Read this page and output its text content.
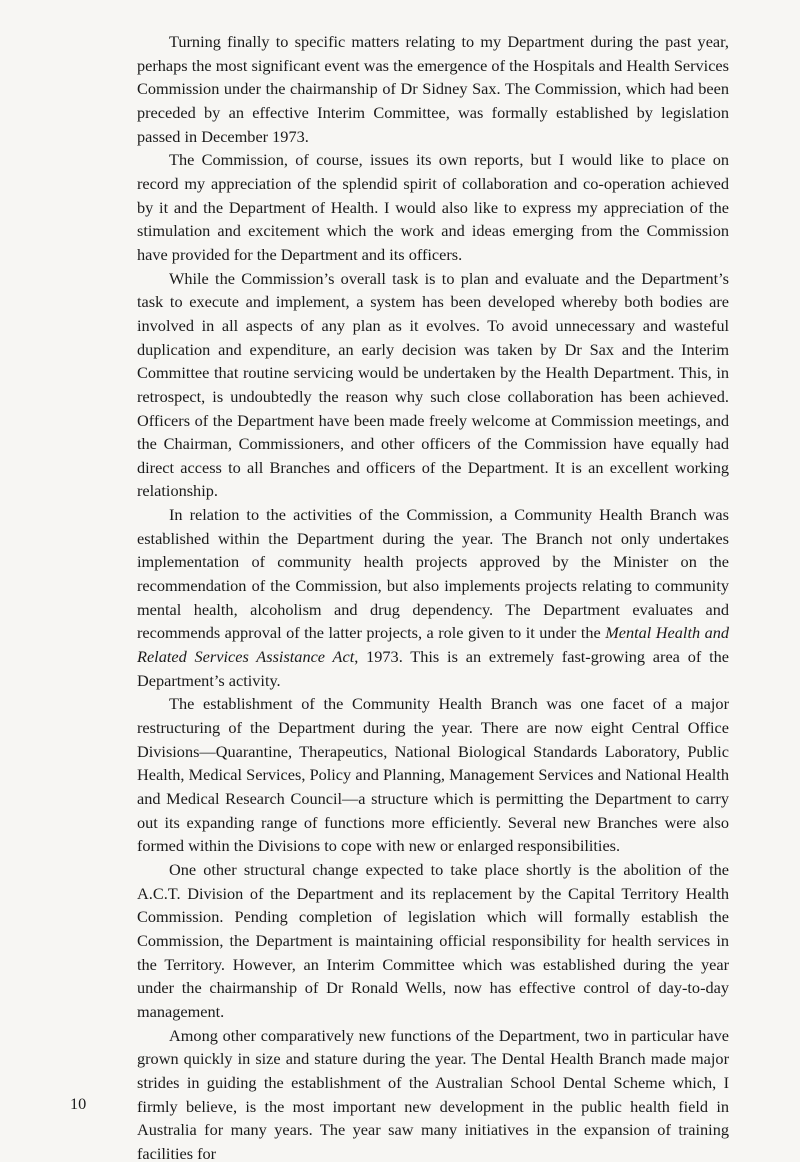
Turning finally to specific matters relating to my Department during the past year, perhaps the most significant event was the emergence of the Hospitals and Health Services Commission under the chairmanship of Dr Sidney Sax. The Commission, which had been preceded by an effective Interim Committee, was formally established by legislation passed in December 1973.

The Commission, of course, issues its own reports, but I would like to place on record my appreciation of the splendid spirit of collaboration and co-operation achieved by it and the Department of Health. I would also like to express my appreciation of the stimulation and excitement which the work and ideas emerging from the Commission have provided for the Department and its officers.

While the Commission’s overall task is to plan and evaluate and the Department’s task to execute and implement, a system has been developed whereby both bodies are involved in all aspects of any plan as it evolves. To avoid unnecessary and wasteful duplication and expenditure, an early decision was taken by Dr Sax and the Interim Committee that routine servicing would be undertaken by the Health Department. This, in retrospect, is undoubtedly the reason why such close collaboration has been achieved. Officers of the Department have been made freely welcome at Commission meetings, and the Chairman, Commissioners, and other officers of the Commission have equally had direct access to all Branches and officers of the Department. It is an excellent working relationship.

In relation to the activities of the Commission, a Community Health Branch was established within the Department during the year. The Branch not only undertakes implementation of community health projects approved by the Minister on the recommendation of the Commission, but also implements projects relating to community mental health, alcoholism and drug dependency. The Department evaluates and recommends approval of the latter projects, a role given to it under the Mental Health and Related Services Assistance Act, 1973. This is an extremely fast-growing area of the Department’s activity.

The establishment of the Community Health Branch was one facet of a major restructuring of the Department during the year. There are now eight Central Office Divisions—Quarantine, Therapeutics, National Biological Standards Laboratory, Public Health, Medical Services, Policy and Planning, Management Services and National Health and Medical Research Council—a structure which is permitting the Department to carry out its expanding range of functions more efficiently. Several new Branches were also formed within the Divisions to cope with new or enlarged responsibilities.

One other structural change expected to take place shortly is the abolition of the A.C.T. Division of the Department and its replacement by the Capital Territory Health Commission. Pending completion of legislation which will formally establish the Commission, the Department is maintaining official responsibility for health services in the Territory. However, an Interim Committee which was established during the year under the chairmanship of Dr Ronald Wells, now has effective control of day-to-day management.

Among other comparatively new functions of the Department, two in particular have grown quickly in size and stature during the year. The Dental Health Branch made major strides in guiding the establishment of the Australian School Dental Scheme which, I firmly believe, is the most important new development in the public health field in Australia for many years. The year saw many initiatives in the expansion of training facilities for

10
